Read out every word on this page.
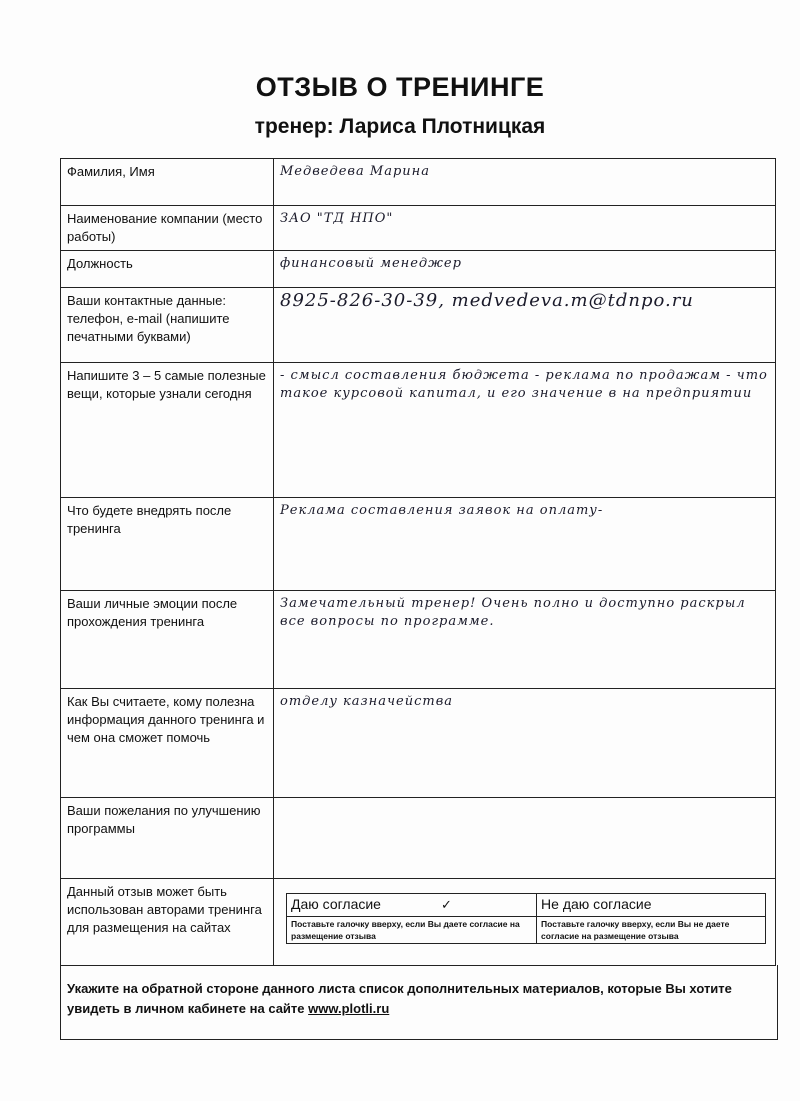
ОТЗЫВ О ТРЕНИНГЕ
тренер: Лариса Плотницкая
Фамилия, Имя	Медведева Марина
Наименование компании (место работы)	ЗАО "ТД НПО"
Должность	финансовый менеджер
Ваши контактные данные: телефон, e-mail (напишите печатными буквами)	8925-826-30-39, medvedeva.m@tdnpo.ru
Напишите 3 – 5 самые полезные вещи, которые узнали сегодня	- смысл составления бюджета - реклама по продажам - что такое курсовой капитал, и его значение в на предприятии
Что будете внедрять после тренинга	Реклама составления заявок на оплату-
Ваши личные эмоции после прохождения тренинга	Замечательный тренер! Очень полно и доступно раскрыл все вопросы по программе.
Как Вы считаете, кому полезна информация данного тренинга и чем она сможет помочь	отделу казначейства
Ваши пожелания по улучшению программы	
Данный отзыв может быть использован авторами тренинга для размещения на сайтах	
Даю согласие	✓	Не даю согласие
Поставьте галочку вверху, если Вы даете согласие на размещение отзыва	Поставьте галочку вверху, если Вы не даете согласие на размещение отзыва
Укажите на обратной стороне данного листа список дополнительных материалов, которые Вы хотите увидеть в личном кабинете на сайте www.plotli.ru
